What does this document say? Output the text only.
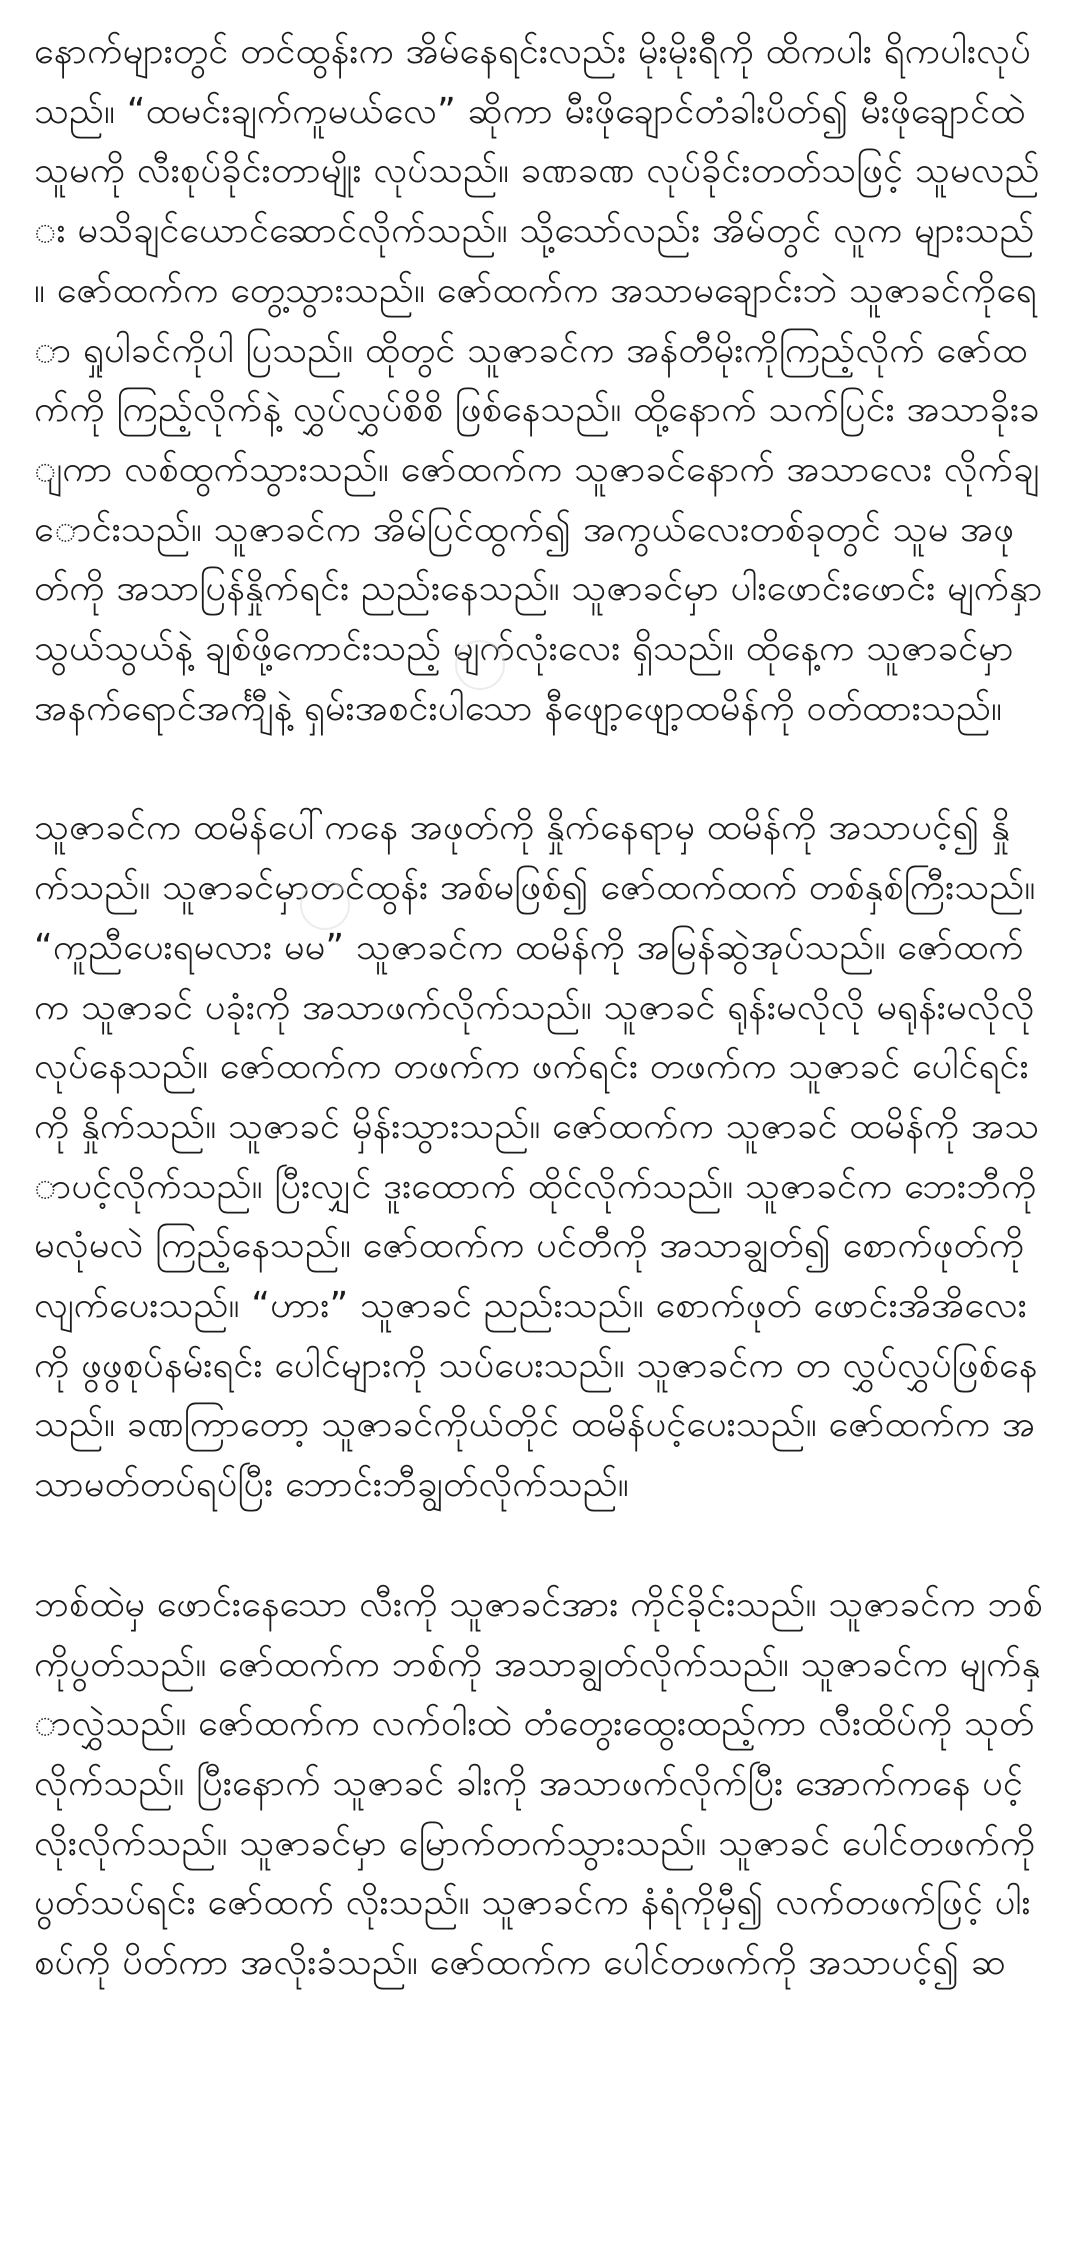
နောက်များတွင် တင်ထွန်းက အိမ်နေရင်းလည်း မိုးမိုးရီကို ထိကပါး ရိကပါးလုပ်သည်။ “ထမင်းချက်ကူမယ်လေ” ဆိုကာ မီးဖိုချောင်တံခါးပိတ်၍ မီးဖိုချောင်ထဲ သူမကို လီးစုပ်ခိုင်းတာမျိုး လုပ်သည်။ ခဏခဏ လုပ်ခိုင်းတတ်သဖြင့် သူမလည်း မသိချင်ယောင်ဆောင်လိုက်သည်။ သို့သော်လည်း အိမ်တွင် လူက များသည်။ ဇော်ထက်က တွေ့သွားသည်။ ဇော်ထက်က အသာမချောင်းဘဲ သူဇာခင်ကိုရော ရှုပါခင်ကိုပါ ပြသည်။ ထိုတွင် သူဇာခင်က အန်တီမိုးကိုကြည့်လိုက် ဇော်ထက်ကို ကြည့်လိုက်နဲ့ လွှပ်လွှပ်စိစိ ဖြစ်နေသည်။ ထို့နောက် သက်ပြင်း အသာခိုးချကာ လစ်ထွက်သွားသည်။ ဇော်ထက်က သူဇာခင်နောက် အသာလေး လိုက်ချောင်းသည်။ သူဇာခင်က အိမ်ပြင်ထွက်၍ အကွယ်လေးတစ်ခုတွင် သူမ အဖုတ်ကို အသာပြန်နှိုက်ရင်း ညည်းနေသည်။ သူဇာခင်မှာ ပါးဖောင်းဖောင်း မျက်နှာသွယ်သွယ်နဲ့ ချစ်ဖို့ကောင်းသည့် မျက်လုံးလေး ရှိသည်။ ထိုနေ့က သူဇာခင်မှာ အနက်ရောင်အင်္ကျီနဲ့ ရှမ်းအစင်းပါသော နီဖျော့ဖျော့ထမိန်ကို ဝတ်ထားသည်။

သူဇာခင်က ထမိန်ပေါ်ကနေ အဖုတ်ကို နှိုက်နေရာမှ ထမိန်ကို အသာပင့်၍ နှိုက်သည်။ သူဇာခင်မှာတင်ထွန်း အစ်မဖြစ်၍ ဇော်ထက်ထက် တစ်နှစ်ကြီးသည်။ “ကူညီပေးရမလား မမ” သူဇာခင်က ထမိန်ကို အမြန်ဆွဲအုပ်သည်။ ဇော်ထက်က သူဇာခင် ပခုံးကို အသာဖက်လိုက်သည်။ သူဇာခင် ရုန်းမလိုလို မရုန်းမလိုလို လုပ်နေသည်။ ဇော်ထက်က တဖက်က ဖက်ရင်း တဖက်က သူဇာခင် ပေါင်ရင်းကို နှိုက်သည်။ သူဇာခင် မှိန်းသွားသည်။ ဇော်ထက်က သူဇာခင် ထမိန်ကို အသာပင့်လိုက်သည်။ ပြီးလျှင် ဒူးထောက် ထိုင်လိုက်သည်။ သူဇာခင်က ဘေးဘီကို မလုံမလဲ ကြည့်နေသည်။ ဇော်ထက်က ပင်တီကို အသာချွတ်၍ စောက်ဖုတ်ကို လျက်ပေးသည်။ “ဟား” သူဇာခင် ညည်းသည်။ စောက်ဖုတ် ဖောင်းအိအိလေးကို ဖွဖွစုပ်နမ်းရင်း ပေါင်များကို သပ်ပေးသည်။ သူဇာခင်က တ လွှပ်လွှပ်ဖြစ်နေသည်။ ခဏကြာတော့ သူဇာခင်ကိုယ်တိုင် ထမိန်ပင့်ပေးသည်။ ဇော်ထက်က အသာမတ်တပ်ရပ်ပြီး ဘောင်းဘီချွတ်လိုက်သည်။

ဘစ်ထဲမှ ဖောင်းနေသော လီးကို သူဇာခင်အား ကိုင်ခိုင်းသည်။ သူဇာခင်က ဘစ်ကိုပွတ်သည်။ ဇော်ထက်က ဘစ်ကို အသာချွတ်လိုက်သည်။ သူဇာခင်က မျက်နှာလွှဲသည်။ ဇော်ထက်က လက်ဝါးထဲ တံတွေးထွေးထည့်ကာ လီးထိပ်ကို သုတ်လိုက်သည်။ ပြီးနောက် သူဇာခင် ခါးကို အသာဖက်လိုက်ပြီး အောက်ကနေ ပင့်လိုးလိုက်သည်။ သူဇာခင်မှာ မြောက်တက်သွားသည်။ သူဇာခင် ပေါင်တဖက်ကို ပွတ်သပ်ရင်း ဇော်ထက် လိုးသည်။ သူဇာခင်က နံရံကိုမှီ၍ လက်တဖက်ဖြင့် ပါးစပ်ကို ပိတ်ကာ အလိုးခံသည်။ ဇော်ထက်က ပေါင်တဖက်ကို အသာပင့်၍ ဆ
